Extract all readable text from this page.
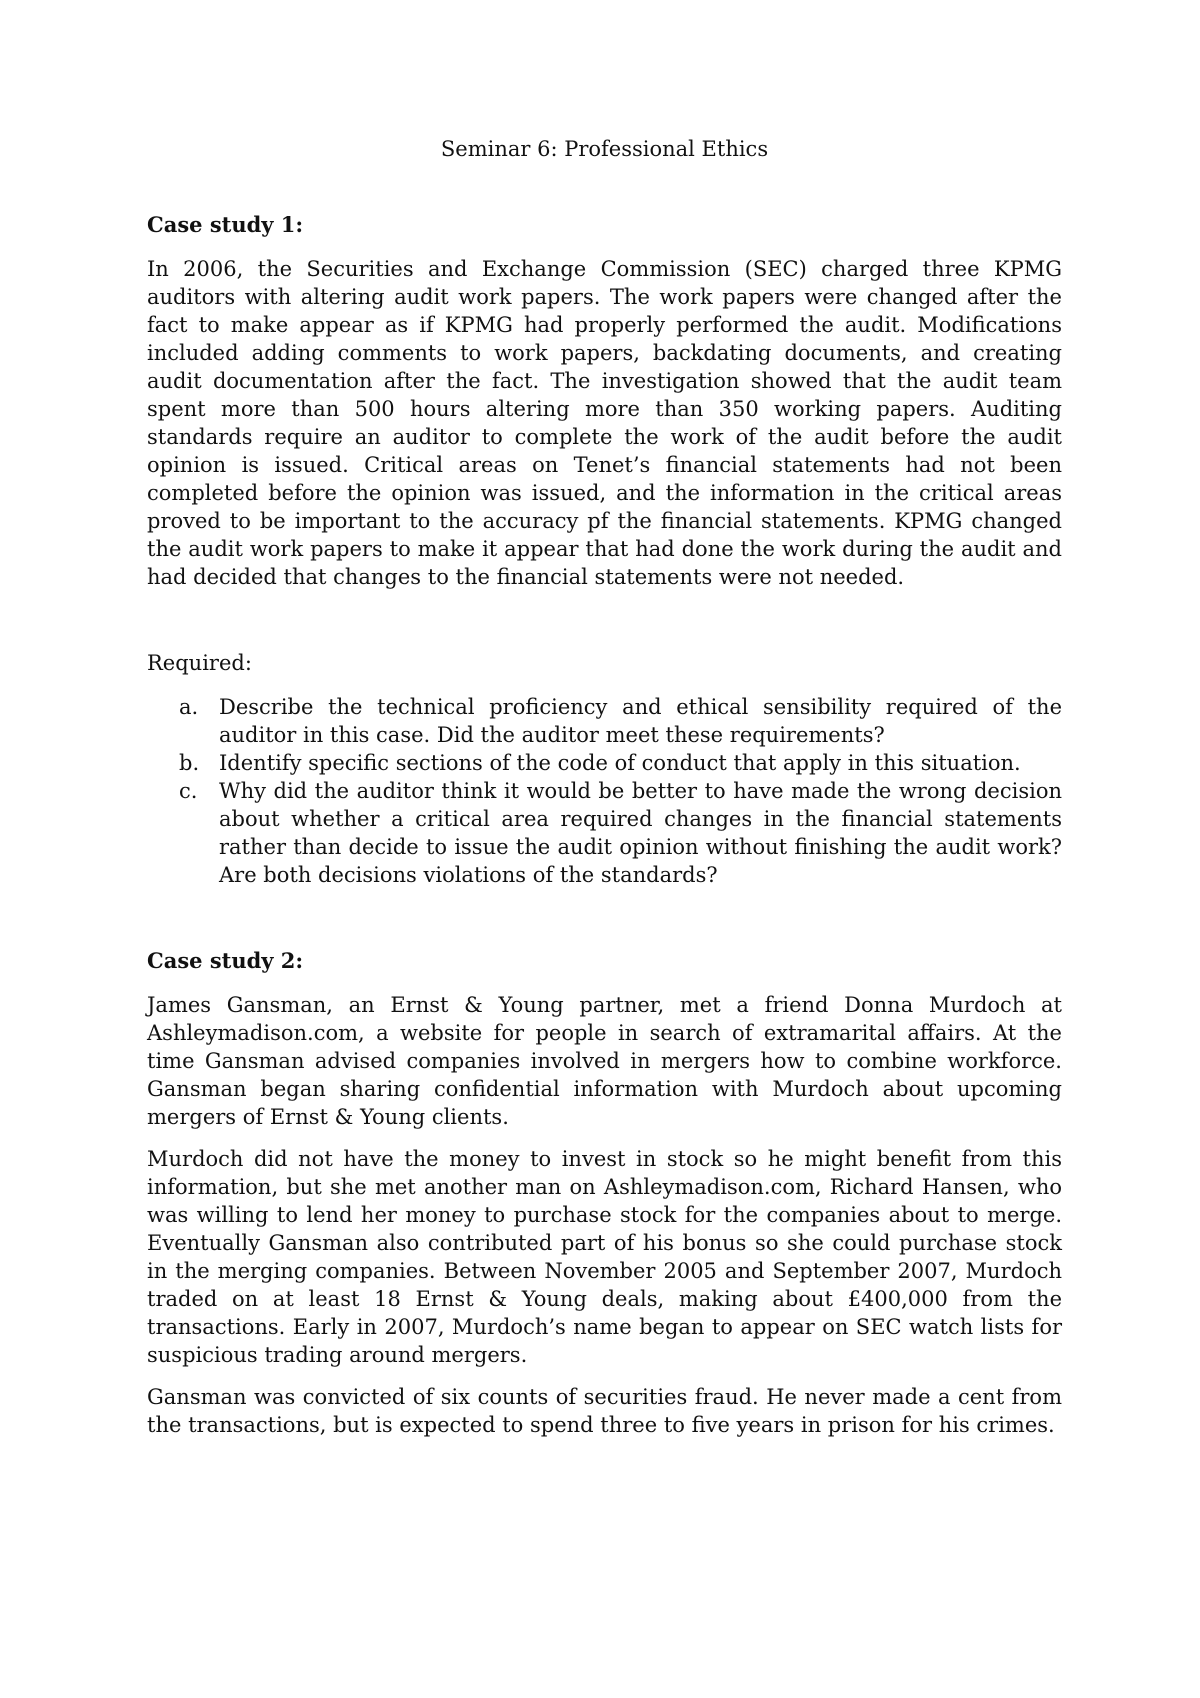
Seminar 6: Professional Ethics
Case study 1:

In 2006, the Securities and Exchange Commission (SEC) charged three KPMG auditors with altering audit work papers. The work papers were changed after the fact to make appear as if KPMG had properly performed the audit. Modifications included adding comments to work papers, backdating documents, and creating audit documentation after the fact. The investigation showed that the audit team spent more than 500 hours altering more than 350 working papers. Auditing standards require an auditor to complete the work of the audit before the audit opinion is issued. Critical areas on Tenet’s financial statements had not been completed before the opinion was issued, and the information in the critical areas proved to be important to the accuracy pf the financial statements. KPMG changed the audit work papers to make it appear that had done the work during the audit and had decided that changes to the financial statements were not needed.

Required:

a. Describe the technical proficiency and ethical sensibility required of the auditor in this case. Did the auditor meet these requirements?
b. Identify specific sections of the code of conduct that apply in this situation.
c. Why did the auditor think it would be better to have made the wrong decision about whether a critical area required changes in the financial statements rather than decide to issue the audit opinion without finishing the audit work? Are both decisions violations of the standards?
Case study 2:

James Gansman, an Ernst & Young partner, met a friend Donna Murdoch at Ashleymadison.com, a website for people in search of extramarital affairs. At the time Gansman advised companies involved in mergers how to combine workforce. Gansman began sharing confidential information with Murdoch about upcoming mergers of Ernst & Young clients.

Murdoch did not have the money to invest in stock so he might benefit from this information, but she met another man on Ashleymadison.com, Richard Hansen, who was willing to lend her money to purchase stock for the companies about to merge. Eventually Gansman also contributed part of his bonus so she could purchase stock in the merging companies. Between November 2005 and September 2007, Murdoch traded on at least 18 Ernst & Young deals, making about £400,000 from the transactions. Early in 2007, Murdoch’s name began to appear on SEC watch lists for suspicious trading around mergers.

Gansman was convicted of six counts of securities fraud. He never made a cent from the transactions, but is expected to spend three to five years in prison for his crimes.
